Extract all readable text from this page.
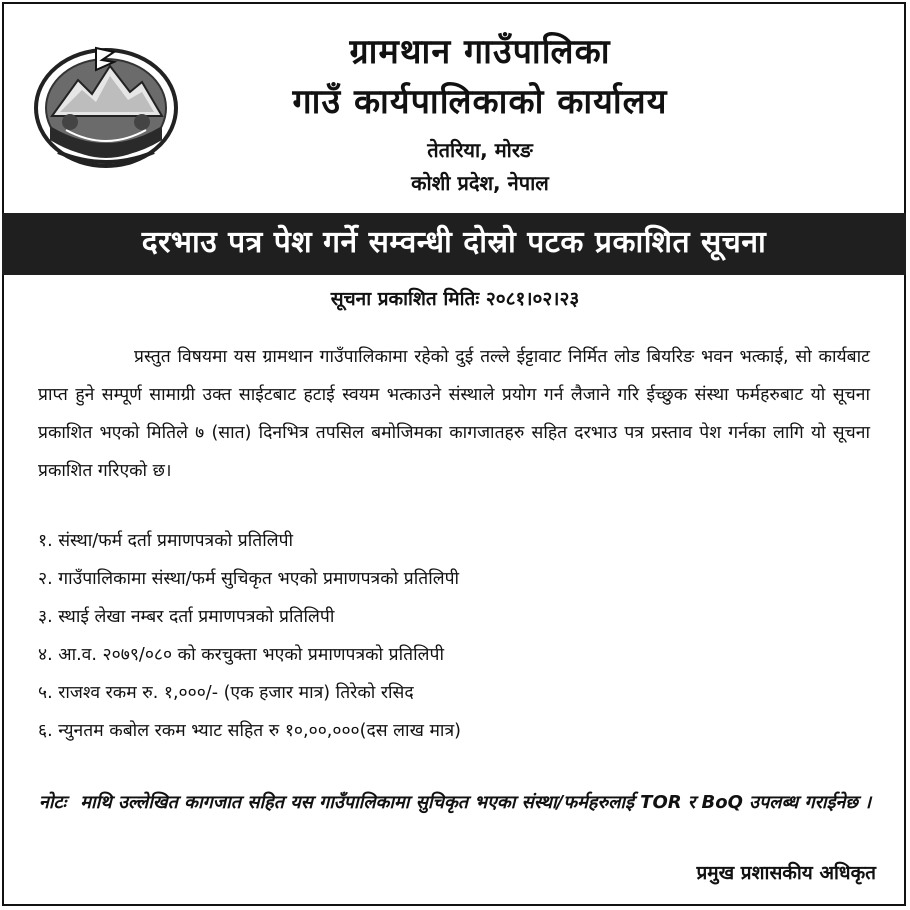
ग्रामथान गाउँपालिका
गाउँ कार्यपालिकाको कार्यालय
तेतरिया, मोरङ
कोशी प्रदेश, नेपाल
दरभाउ पत्र पेश गर्ने सम्वन्धी दोस्रो पटक प्रकाशित सूचना
सूचना प्रकाशित मितिः २०८१।०२।२३
प्रस्तुत विषयमा यस ग्रामथान गाउँपालिकामा रहेको दुई तल्ले ईट्टावाट निर्मित लोड बियरिङ भवन भत्काई, सो कार्यबाट प्राप्त हुने सम्पूर्ण सामाग्री उक्त साईटबाट हटाई स्वयम भत्काउने संस्थाले प्रयोग गर्न लैजाने गरि ईच्छुक संस्था फर्महरुबाट यो सूचना प्रकाशित भएको मितिले ७ (सात) दिनभित्र तपसिल बमोजिमका कागजातहरु सहित दरभाउ पत्र प्रस्ताव पेश गर्नका लागि यो सूचना प्रकाशित गरिएको छ।
१. संस्था/फर्म दर्ता प्रमाणपत्रको प्रतिलिपी
२. गाउँपालिकामा संस्था/फर्म सुचिकृत भएको प्रमाणपत्रको प्रतिलिपी
३. स्थाई लेखा नम्बर दर्ता प्रमाणपत्रको प्रतिलिपी
४. आ.व. २०७९/०८० को करचुक्ता भएको प्रमाणपत्रको प्रतिलिपी
५. राजश्व रकम रु. १,०००/- (एक हजार मात्र) तिरेको रसिद
६. न्युनतम कबोल रकम भ्याट सहित रु १०,००,०००(दस लाख मात्र)
नोटः माथि उल्लेखित कागजात सहित यस गाउँपालिकामा सुचिकृत भएका संस्था/फर्महरुलाई TOR र BoQ उपलब्ध गराईनेछ ।
प्रमुख प्रशासकीय अधिकृत
